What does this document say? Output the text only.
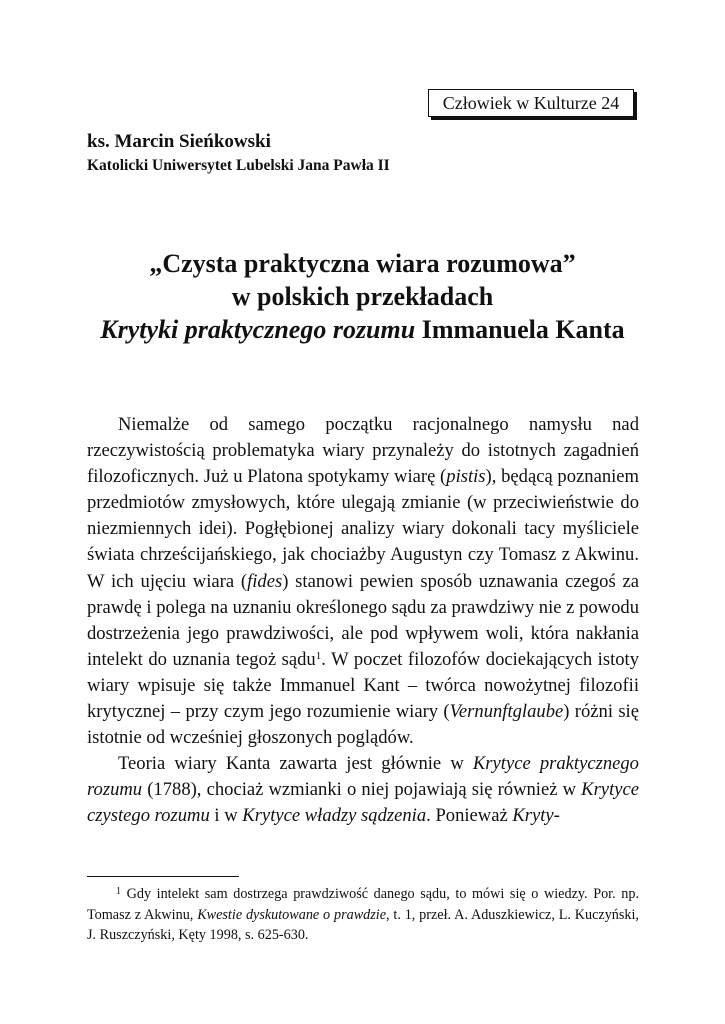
Człowiek w Kulturze 24
ks. Marcin Sieńkowski
Katolicki Uniwersytet Lubelski Jana Pawła II
„Czysta praktyczna wiara rozumowa”
w polskich przekładach
Krytyki praktycznego rozumu Immanuela Kanta

Niemalże od samego początku racjonalnego namysłu nad rzeczywistością problematyka wiary przynależy do istotnych zagadnień filozoficznych. Już u Platona spotykamy wiarę (pistis), będącą poznaniem przedmiotów zmysłowych, które ulegają zmianie (w przeciwieństwie do niezmiennych idei). Pogłębionej analizy wiary dokonali tacy myśliciele świata chrześcijańskiego, jak chociażby Augustyn czy Tomasz z Akwinu. W ich ujęciu wiara (fides) stanowi pewien sposób uznawania czegoś za prawdę i polega na uznaniu określonego sądu za prawdziwy nie z powodu dostrzeżenia jego prawdziwości, ale pod wpływem woli, która nakłania intelekt do uznania tegoż sądu$^1$. W poczet filozofów dociekających istoty wiary wpisuje się także Immanuel Kant – twórca nowożytnej filozofii krytycznej – przy czym jego rozumienie wiary (Vernunftglaube) różni się istotnie od wcześniej głoszonych poglądów.

Teoria wiary Kanta zawarta jest głównie w Krytyce praktycznego rozumu (1788), chociaż wzmianki o niej pojawiają się również w Krytyce czystego rozumu i w Krytyce władzy sądzenia. Ponieważ Kryty-

$^1$ Gdy intelekt sam dostrzega prawdziwość danego sądu, to mówi się o wiedzy. Por. np. Tomasz z Akwinu, Kwestie dyskutowane o prawdzie, t. 1, przeł. A. Aduszkiewicz, L. Kuczyński, J. Ruszczyński, Kęty 1998, s. 625-630.
